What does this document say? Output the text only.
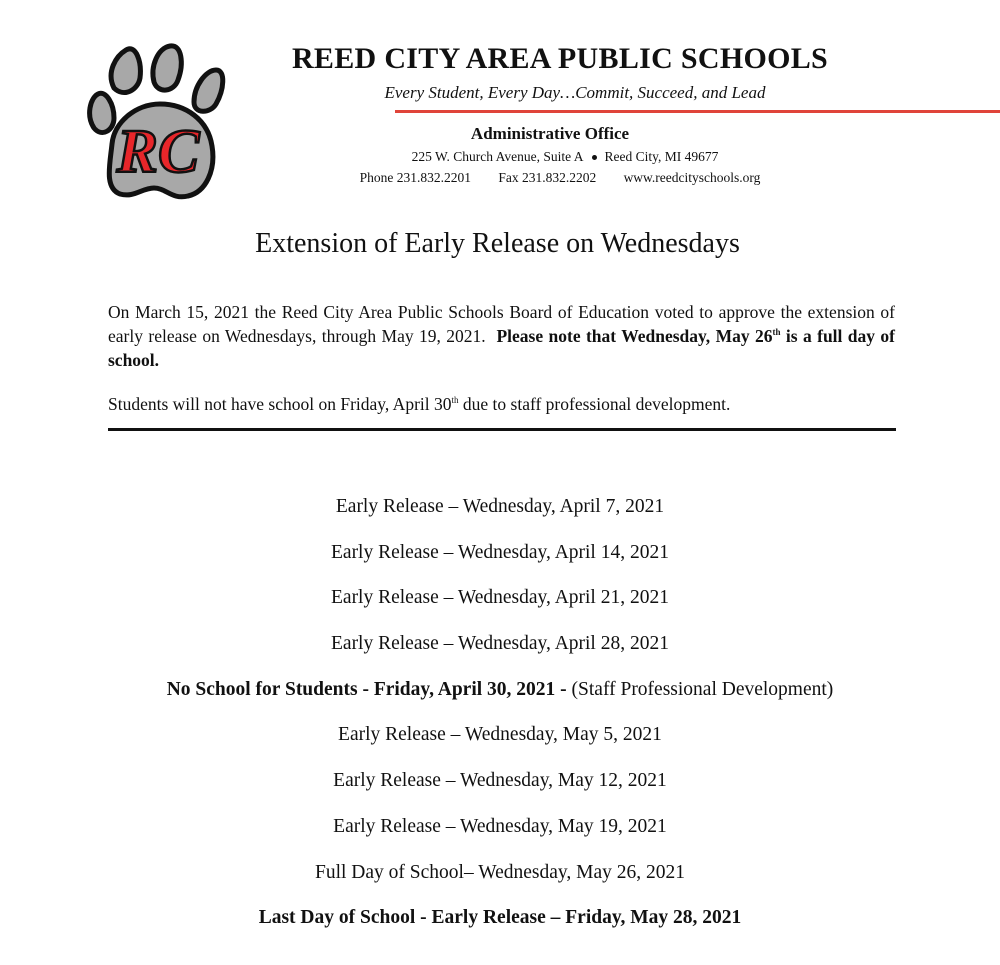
RC
REED CITY AREA PUBLIC SCHOOLS
Every Student, Every Day…Commit, Succeed, and Lead
Administrative Office
225 W. Church Avenue, Suite A Reed City, MI 49677
Phone 231.832.2201 Fax 231.832.2202 www.reedcityschools.org
Extension of Early Release on Wednesdays
On March 15, 2021 the Reed City Area Public Schools Board of Education voted to approve the extension of early release on Wednesdays, through May 19, 2021. Please note that Wednesday, May 26th is a full day of school.
Students will not have school on Friday, April 30th due to staff professional development.
Early Release – Wednesday, April 7, 2021
Early Release – Wednesday, April 14, 2021
Early Release – Wednesday, April 21, 2021
Early Release – Wednesday, April 28, 2021
No School for Students - Friday, April 30, 2021 - (Staff Professional Development)
Early Release – Wednesday, May 5, 2021
Early Release – Wednesday, May 12, 2021
Early Release – Wednesday, May 19, 2021
Full Day of School– Wednesday, May 26, 2021
Last Day of School - Early Release – Friday, May 28, 2021
